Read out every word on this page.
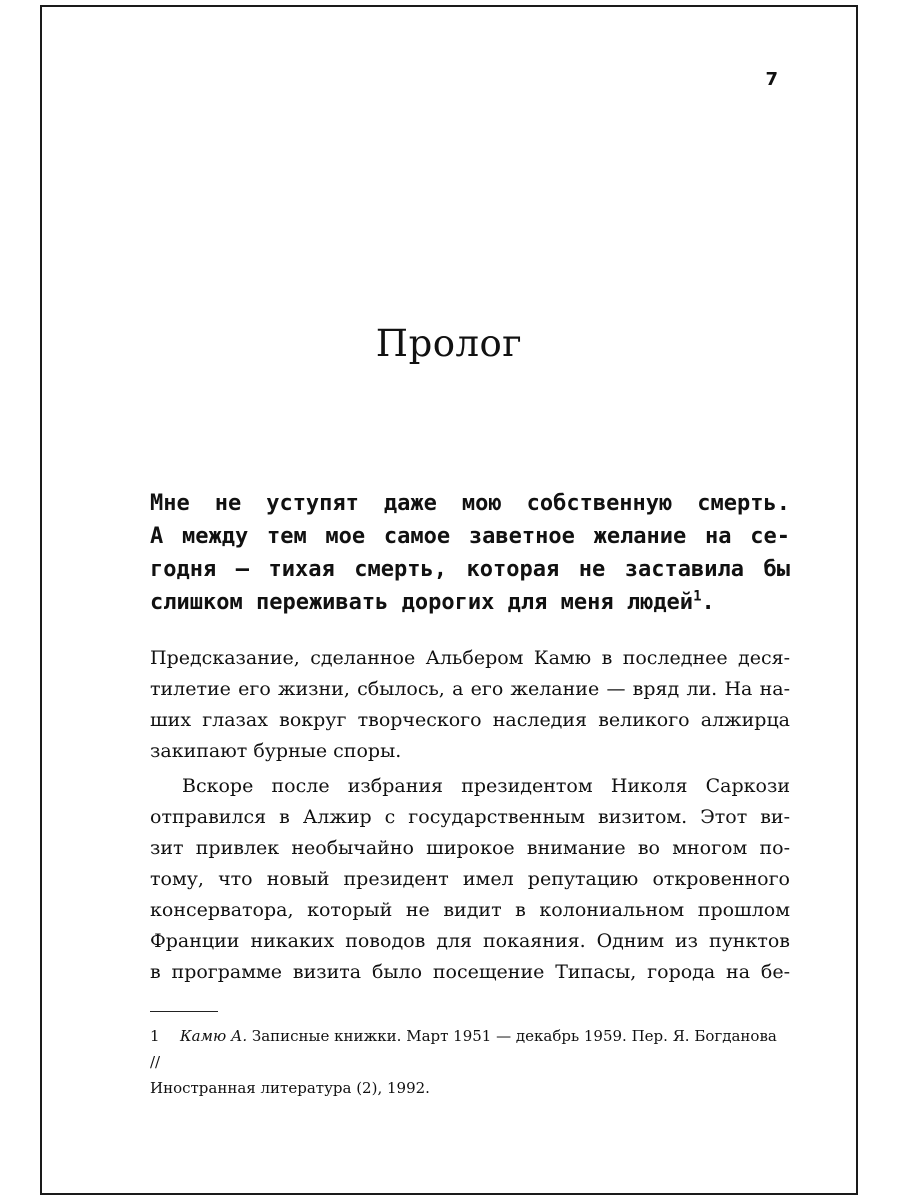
7
Пролог
Мне не уступят даже мою собственную смерть.
А между тем мое самое заветное желание на се-
годня — тихая смерть, которая не заставила бы
слишком переживать дорогих для меня людей$^1$.
Предсказание, сделанное Альбером Камю в последнее деся-
тилетие его жизни, сбылось, а его желание — вряд ли. На на-
ших глазах вокруг творческого наследия великого алжирца
закипают бурные споры.
Вскоре после избрания президентом Николя Саркози
отправился в Алжир с государственным визитом. Этот ви-
зит привлек необычайно широкое внимание во многом по-
тому, что новый президент имел репутацию откровенного
консерватора, который не видит в колониальном прошлом
Франции никаких поводов для покаяния. Одним из пунктов
в программе визита было посещение Типасы, города на бе-
1 Камю А. Записные книжки. Март 1951 — декабрь 1959. Пер. Я. Богданова //
Иностранная литература (2), 1992.
